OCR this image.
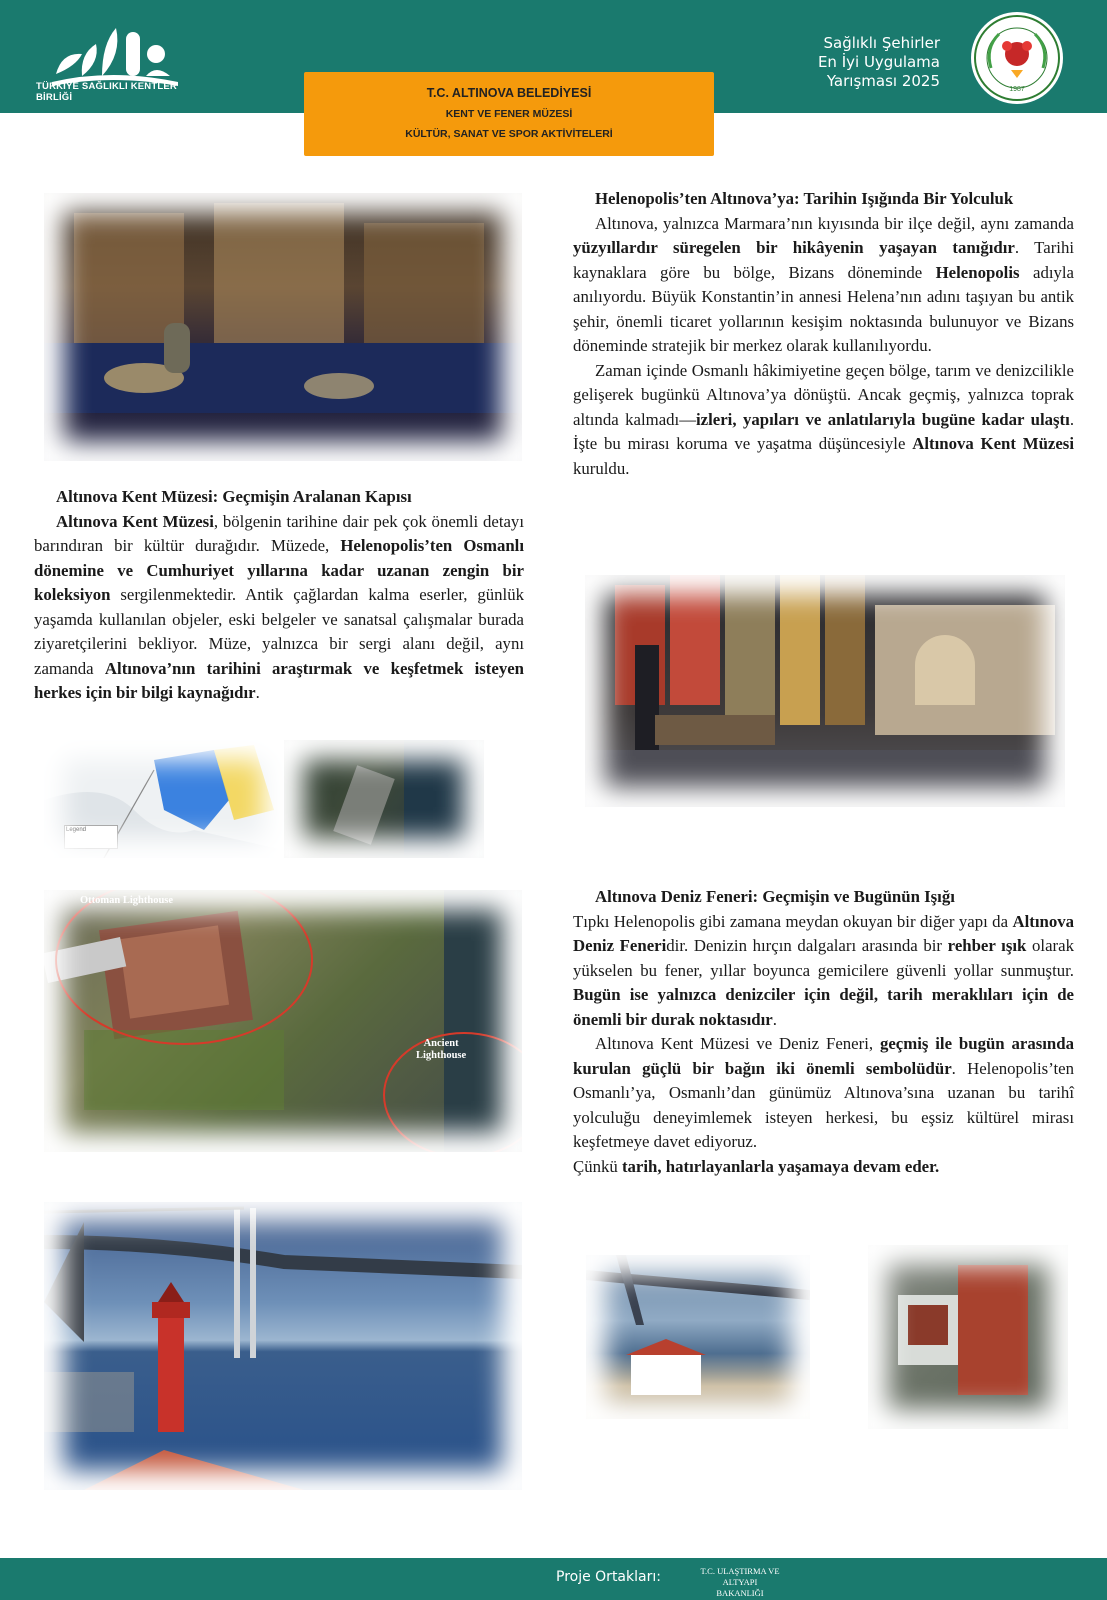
TÜRKİYE SAĞLIKLI KENTLER BİRLİĞİ
Sağlıklı Şehirler
En İyi Uygulama
Yarışması 2025	1987
T.C. ALTINOVA BELEDİYESİ
KENT VE FENER MÜZESİ
KÜLTÜR, SANAT VE SPOR AKTİVİTELERİ

Altınova Kent Müzesi: Geçmişin Aralanan Kapısı

Altınova Kent Müzesi, bölgenin tarihine dair pek çok önemli detayı barındıran bir kültür durağıdır. Müzede, Helenopolis’ten Osmanlı dönemine ve Cumhuriyet yıllarına kadar uzanan zengin bir koleksiyon sergilenmektedir. Antik çağlardan kalma eserler, günlük yaşamda kullanılan objeler, eski belgeler ve sanatsal çalışmalar burada ziyaretçilerini bekliyor. Müze, yalnızca bir sergi alanı değil, aynı zamanda Altınova’nın tarihini araştırmak ve keşfetmek isteyen herkes için bir bilgi kaynağıdır.

Legend
Ottoman Lighthouse
Ancient
Lighthouse

Helenopolis’ten Altınova’ya: Tarihin Işığında Bir Yolculuk

Altınova, yalnızca Marmara’nın kıyısında bir ilçe değil, aynı zamanda yüzyıllardır süregelen bir hikâyenin yaşayan tanığıdır. Tarihi kaynaklara göre bu bölge, Bizans döneminde Helenopolis adıyla anılıyordu. Büyük Konstantin’in annesi Helena’nın adını taşıyan bu antik şehir, önemli ticaret yollarının kesişim noktasında bulunuyor ve Bizans döneminde stratejik bir merkez olarak kullanılıyordu.

Zaman içinde Osmanlı hâkimiyetine geçen bölge, tarım ve denizcilikle gelişerek bugünkü Altınova’ya dönüştü. Ancak geçmiş, yalnızca toprak altında kalmadı—izleri, yapıları ve anlatılarıyla bugüne kadar ulaştı. İşte bu mirası koruma ve yaşatma düşüncesiyle Altınova Kent Müzesi kuruldu.

Altınova Deniz Feneri: Geçmişin ve Bugünün Işığı

Tıpkı Helenopolis gibi zamana meydan okuyan bir diğer yapı da Altınova Deniz Feneridir. Denizin hırçın dalgaları arasında bir rehber ışık olarak yükselen bu fener, yıllar boyunca gemicilere güvenli yollar sunmuştur. Bugün ise yalnızca denizciler için değil, tarih meraklıları için de önemli bir durak noktasıdır.

Altınova Kent Müzesi ve Deniz Feneri, geçmiş ile bugün arasında kurulan güçlü bir bağın iki önemli sembolüdür. Helenopolis’ten Osmanlı’ya, Osmanlı’dan günümüz Altınova’sına uzanan bu tarihî yolculuğu deneyimlemek isteyen herkesi, bu eşsiz kültürel mirası keşfetmeye davet ediyoruz.

Çünkü tarih, hatırlayanlarla yaşamaya devam eder.

Proje Ortakları:	T.C. ULAŞTIRMA VE ALTYAPI
BAKANLIĞI
